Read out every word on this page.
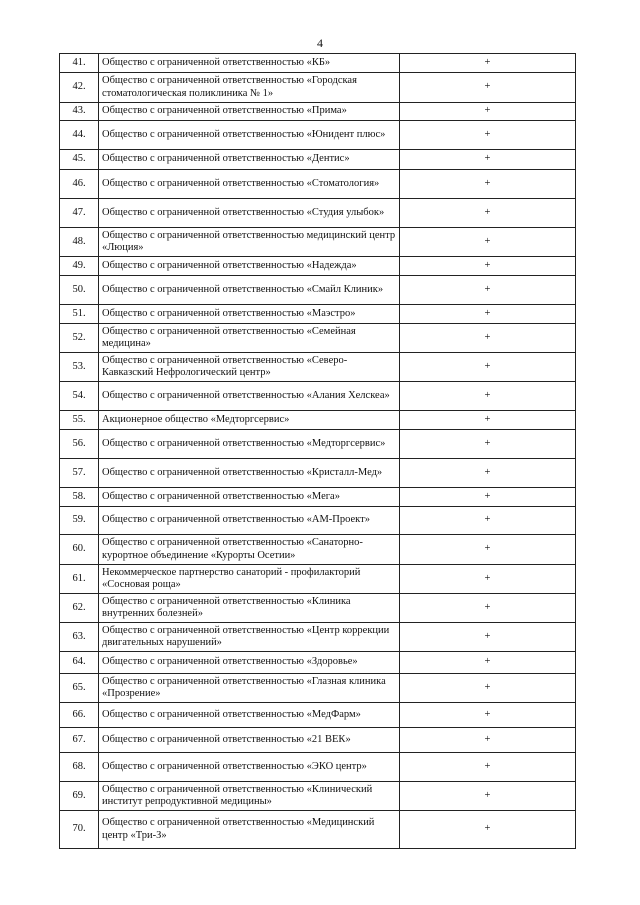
4
41.	Общество с ограниченной ответственностью «КБ»	+
42.	Общество с ограниченной ответственностью «Городская стоматологическая поликлиника № 1»	+
43.	Общество с ограниченной ответственностью «Прима»	+
44.	Общество с ограниченной ответственностью «Юнидент плюс»	+
45.	Общество с ограниченной ответственностью «Дентис»	+
46.	Общество с ограниченной ответственностью «Стоматология»	+
47.	Общество с ограниченной ответственностью «Студия улыбок»	+
48.	Общество с ограниченной ответственностью медицинский центр «Люция»	+
49.	Общество с ограниченной ответственностью «Надежда»	+
50.	Общество с ограниченной ответственностью «Смайл Клиник»	+
51.	Общество с ограниченной ответственностью «Маэстро»	+
52.	Общество с ограниченной ответственностью «Семейная медицина»	+
53.	Общество с ограниченной ответственностью «Северо-Кавказский Нефрологический центр»	+
54.	Общество с ограниченной ответственностью «Алания Хелскеа»	+
55.	Акционерное общество «Медторгсервис»	+
56.	Общество с ограниченной ответственностью «Медторгсервис»	+
57.	Общество с ограниченной ответственностью «Кристалл-Мед»	+
58.	Общество с ограниченной ответственностью «Мега»	+
59.	Общество с ограниченной ответственностью «АМ-Проект»	+
60.	Общество с ограниченной ответственностью «Санаторно-курортное объединение «Курорты Осетии»	+
61.	Некоммерческое партнерство санаторий - профилакторий «Сосновая роща»	+
62.	Общество с ограниченной ответственностью «Клиника внутренних болезней»	+
63.	Общество с ограниченной ответственностью «Центр коррекции двигательных нарушений»	+
64.	Общество с ограниченной ответственностью «Здоровье»	+
65.	Общество с ограниченной ответственностью «Глазная клиника «Прозрение»	+
66.	Общество с ограниченной ответственностью «МедФарм»	+
67.	Общество с ограниченной ответственностью «21 ВЕК»	+
68.	Общество с ограниченной ответственностью «ЭКО центр»	+
69.	Общество с ограниченной ответственностью «Клинический институт репродуктивной медицины»	+
70.	Общество с ограниченной ответственностью «Медицинский центр «Три-З»	+
